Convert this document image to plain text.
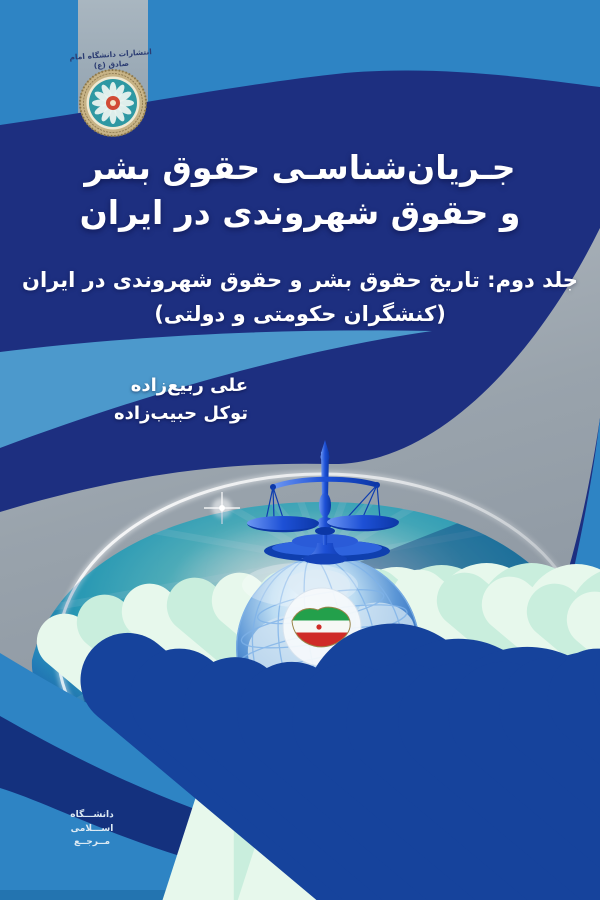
انتشارات دانشگاه امام صادق (ع)
جـریان‌شناسـی حقوق بشر
و حقوق شهروندی در ایران
جلد دوم: تاریخ حقوق بشر و حقوق شهروندی در ایران
(کنشگران حکومتی و دولتی)
علی ربیع‌زاده
توکل حبیب‌زاده
دانشـــگاه
اســـلامی
مــرجــع
